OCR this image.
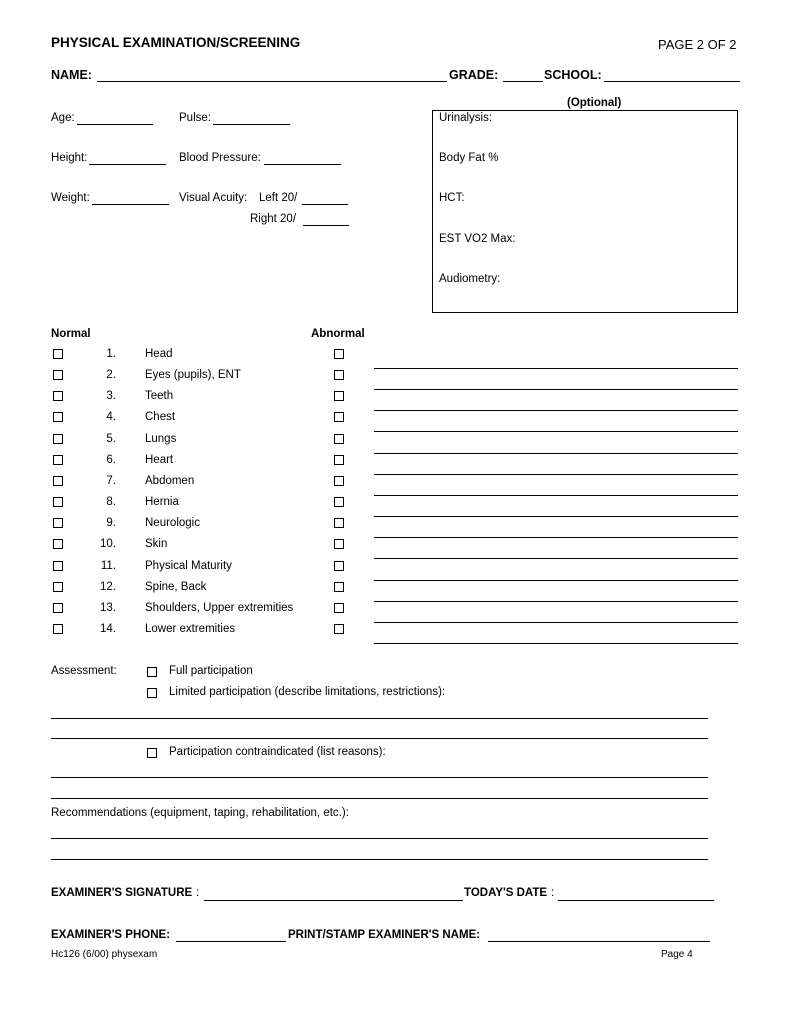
PHYSICAL EXAMINATION/SCREENING	PAGE 2 OF 2
NAME:	GRADE:	SCHOOL:
Age:	Pulse:
Height:	Blood Pressure:
Weight:	Visual Acuity: Left 20/
Right 20/
(Optional)
Urinalysis:
Body Fat %
HCT:
EST VO2 Max:
Audiometry:
Normal	Abnormal
1.	Head
2.	Eyes (pupils), ENT
3.	Teeth
4.	Chest
5.	Lungs
6.	Heart
7.	Abdomen
8.	Hernia
9.	Neurologic
10.	Skin
11.	Physical Maturity
12.	Spine, Back
13.	Shoulders, Upper extremities
14.	Lower extremities
Assessment:	Full participation
Limited participation (describe limitations, restrictions):
Participation contraindicated (list reasons):
Recommendations (equipment, taping, rehabilitation, etc.):
EXAMINER'S SIGNATURE :	TODAY'S DATE :
EXAMINER'S PHONE:	PRINT/STAMP EXAMINER'S NAME:
Hc126 (6/00) physexam	Page 4
